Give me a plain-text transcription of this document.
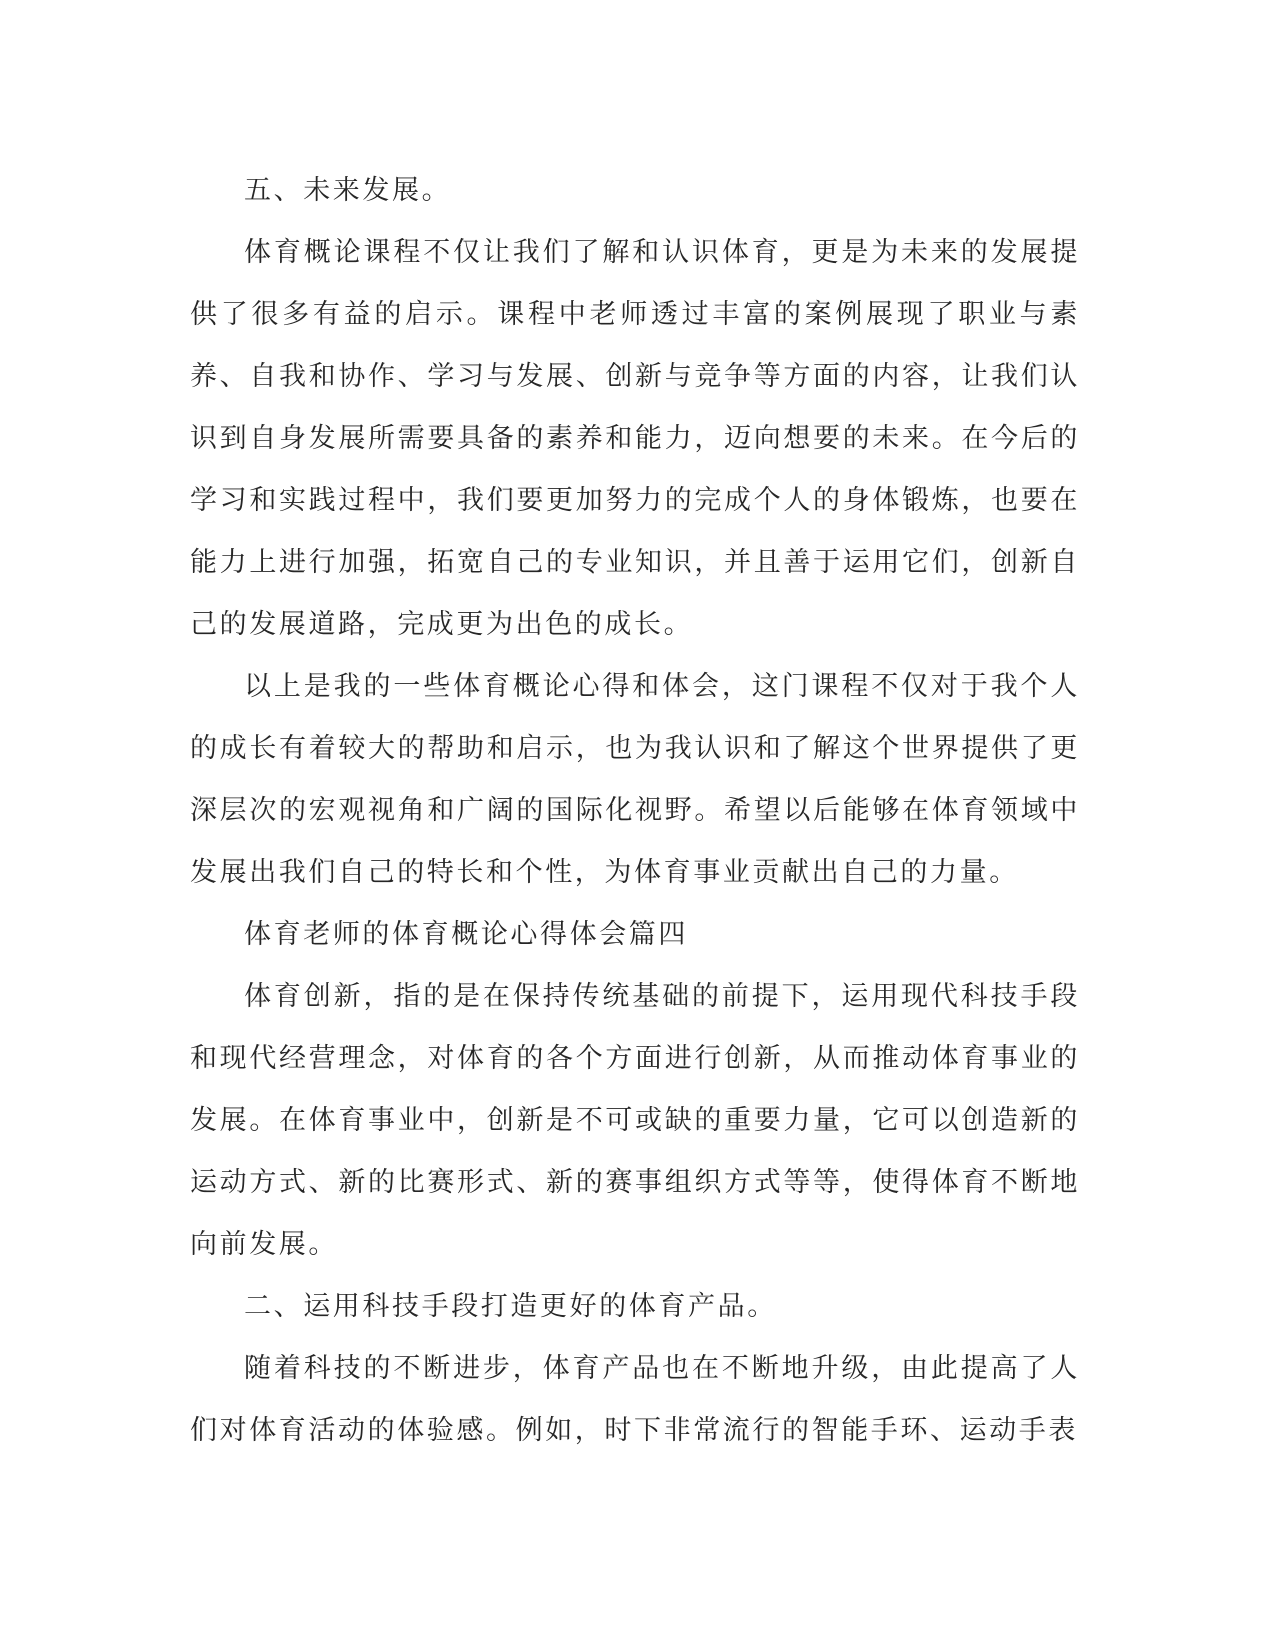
五、未来发展。

体育概论课程不仅让我们了解和认识体育，更是为未来的发展提供了很多有益的启示。课程中老师透过丰富的案例展现了职业与素养、自我和协作、学习与发展、创新与竞争等方面的内容，让我们认识到自身发展所需要具备的素养和能力，迈向想要的未来。在今后的学习和实践过程中，我们要更加努力的完成个人的身体锻炼，也要在能力上进行加强，拓宽自己的专业知识，并且善于运用它们，创新自己的发展道路，完成更为出色的成长。

以上是我的一些体育概论心得和体会，这门课程不仅对于我个人的成长有着较大的帮助和启示，也为我认识和了解这个世界提供了更深层次的宏观视角和广阔的国际化视野。希望以后能够在体育领域中发展出我们自己的特长和个性，为体育事业贡献出自己的力量。

体育老师的体育概论心得体会篇四

体育创新，指的是在保持传统基础的前提下，运用现代科技手段和现代经营理念，对体育的各个方面进行创新，从而推动体育事业的发展。在体育事业中，创新是不可或缺的重要力量，它可以创造新的运动方式、新的比赛形式、新的赛事组织方式等等，使得体育不断地向前发展。

二、运用科技手段打造更好的体育产品。

随着科技的不断进步，体育产品也在不断地升级，由此提高了人们对体育活动的体验感。例如，时下非常流行的智能手环、运动手表
